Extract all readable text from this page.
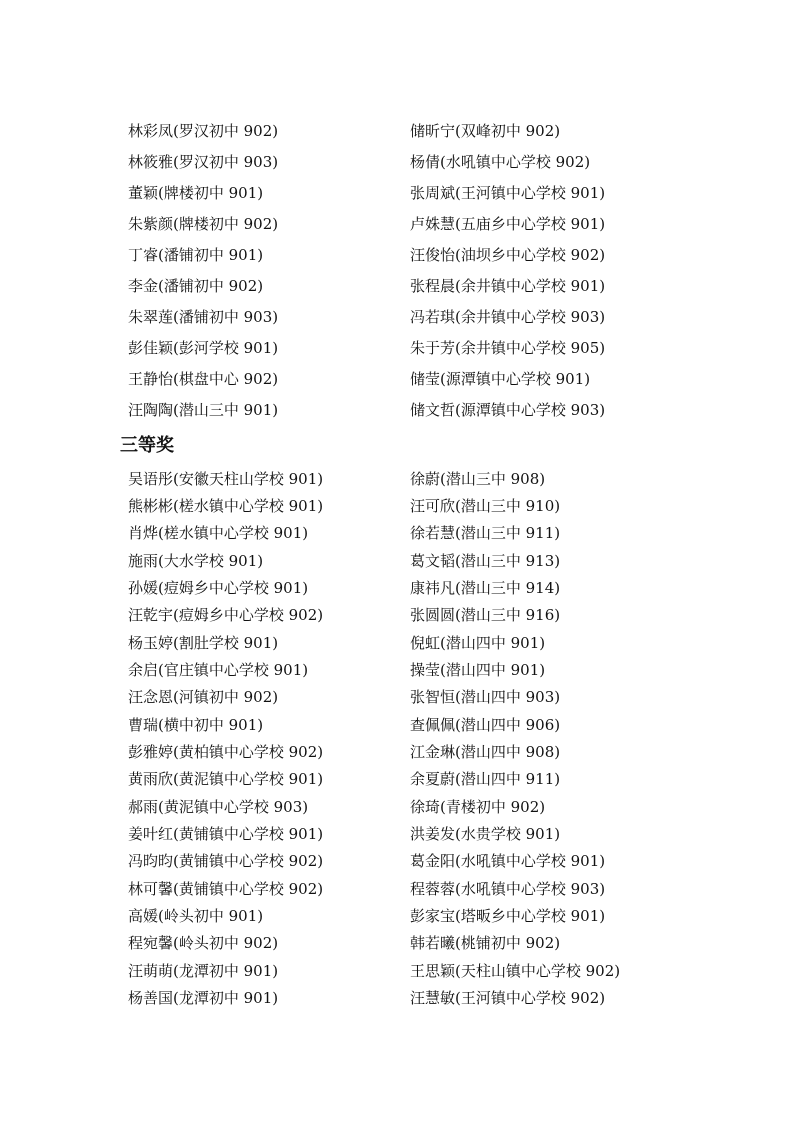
林彩凤(罗汉初中 902)	储昕宁(双峰初中 902)
林筱雅(罗汉初中 903)	杨倩(水吼镇中心学校 902)
董颖(牌楼初中 901)	张周斌(王河镇中心学校 901)
朱紫颜(牌楼初中 902)	卢姝慧(五庙乡中心学校 901)
丁睿(潘铺初中 901)	汪俊怡(油坝乡中心学校 902)
李金(潘铺初中 902)	张程晨(余井镇中心学校 901)
朱翠莲(潘铺初中 903)	冯若琪(余井镇中心学校 903)
彭佳颖(彭河学校 901)	朱于芳(余井镇中心学校 905)
王静怡(棋盘中心 902)	储莹(源潭镇中心学校 901)
汪陶陶(潜山三中 901)	储文哲(源潭镇中心学校 903)
三等奖
吴语彤(安徽天柱山学校 901)	徐蔚(潜山三中 908)
熊彬彬(槎水镇中心学校 901)	汪可欣(潜山三中 910)
肖烨(槎水镇中心学校 901)	徐若慧(潜山三中 911)
施雨(大水学校 901)	葛文韬(潜山三中 913)
孙媛(痘姆乡中心学校 901)	康祎凡(潜山三中 914)
汪乾宇(痘姆乡中心学校 902)	张圆圆(潜山三中 916)
杨玉婷(割肚学校 901)	倪虹(潜山四中 901)
余启(官庄镇中心学校 901)	操莹(潜山四中 901)
汪念恩(河镇初中 902)	张智恒(潜山四中 903)
曹瑞(横中初中 901)	查佩佩(潜山四中 906)
彭雅婷(黄柏镇中心学校 902)	江金琳(潜山四中 908)
黄雨欣(黄泥镇中心学校 901)	余夏蔚(潜山四中 911)
郝雨(黄泥镇中心学校 903)	徐琦(青楼初中 902)
姜叶红(黄铺镇中心学校 901)	洪姜发(水贵学校 901)
冯昀昀(黄铺镇中心学校 902)	葛金阳(水吼镇中心学校 901)
林可馨(黄铺镇中心学校 902)	程蓉蓉(水吼镇中心学校 903)
高媛(岭头初中 901)	彭家宝(塔畈乡中心学校 901)
程宛馨(岭头初中 902)	韩若曦(桃铺初中 902)
汪萌萌(龙潭初中 901)	王思颖(天柱山镇中心学校 902)
杨善国(龙潭初中 901)	汪慧敏(王河镇中心学校 902)
